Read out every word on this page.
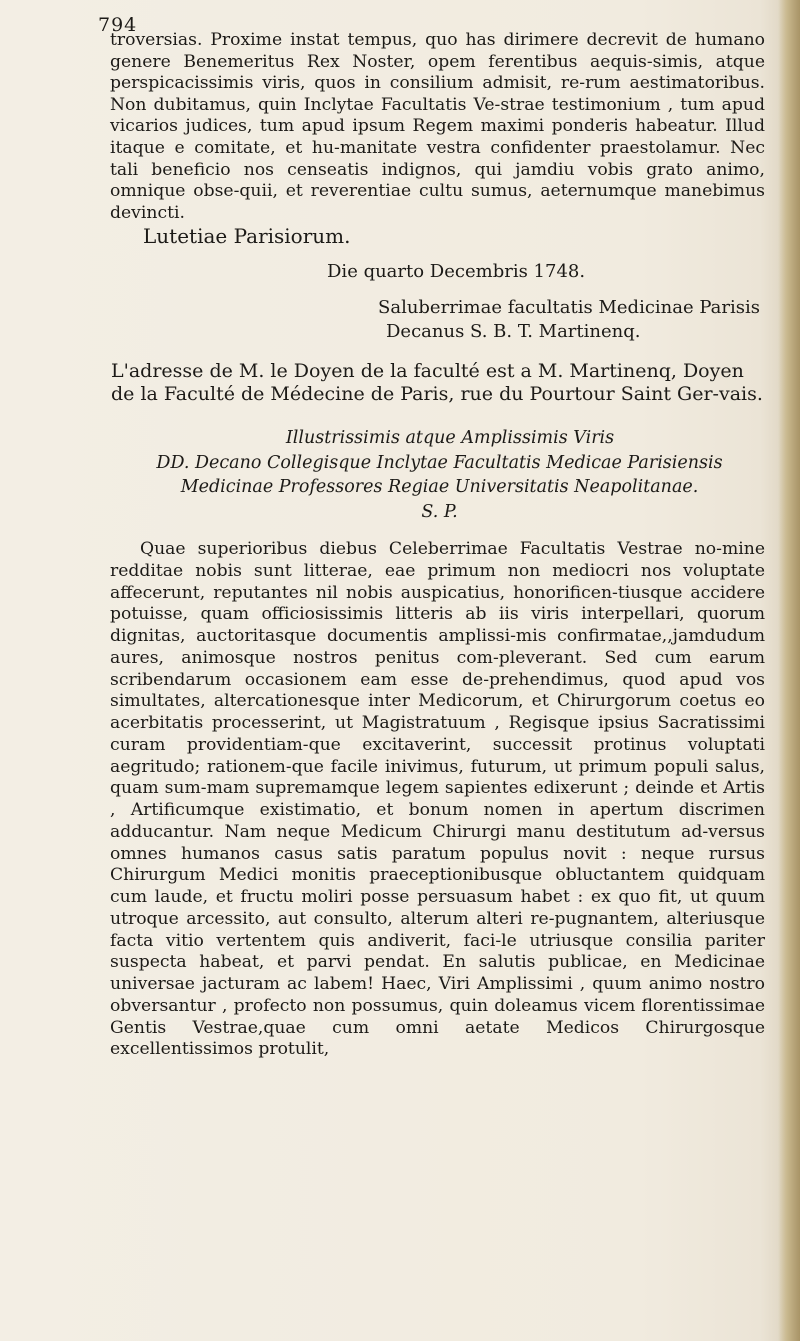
794

troversias. Proxime instat tempus, quo has dirimere decrevit de humano genere Benemeritus Rex Noster, opem ferentibus aequis-simis, atque perspicacissimis viris, quos in consilium admisit, re-rum aestimatoribus. Non dubitamus, quin Inclytae Facultatis Ve-strae testimonium , tum apud vicarios judices, tum apud ipsum Regem maximi ponderis habeatur. Illud itaque e comitate, et hu-manitate vestra confidenter praestolamur. Nec tali beneficio nos censeatis indignos, qui jamdiu vobis grato animo, omnique obse-quii, et reverentiae cultu sumus, aeternumque manebimus devincti.

Lutetiae Parisiorum.
Die quarto Decembris 1748.
Saluberrimae facultatis Medicinae Parisis
Decanus S. B. T. Martinenq.
L'adresse de M. le Doyen de la faculté est a M. Martinenq, Doyen de la Faculté de Médecine de Paris, rue du Pourtour Saint Ger-vais.
Illustrissimis atque Amplissimis Viris
DD. Decano Collegisque Inclytae Facultatis Medicae Parisiensis
Medicinae Professores Regiae Universitatis Neapolitanae.
S. P.

Quae superioribus diebus Celeberrimae Facultatis Vestrae no-mine redditae nobis sunt litterae, eae primum non mediocri nos voluptate affecerunt, reputantes nil nobis auspicatius, honorificen-tiusque accidere potuisse, quam officiosissimis litteris ab iis viris interpellari, quorum dignitas, auctoritasque documentis amplissi-mis confirmatae,,jamdudum aures, animosque nostros penitus com-pleverant. Sed cum earum scribendarum occasionem eam esse de-prehendimus, quod apud vos simultates, altercationesque inter Medicorum, et Chirurgorum coetus eo acerbitatis processerint, ut Magistratuum , Regisque ipsius Sacratissimi curam providentiam-que excitaverint, successit protinus voluptati aegritudo; rationem-que facile inivimus, futurum, ut primum populi salus, quam sum-mam supremamque legem sapientes edixerunt ; deinde et Artis , Artificumque existimatio, et bonum nomen in apertum discrimen adducantur. Nam neque Medicum Chirurgi manu destitutum ad-versus omnes humanos casus satis paratum populus novit : neque rursus Chirurgum Medici monitis praeceptionibusque obluctantem quidquam cum laude, et fructu moliri posse persuasum habet : ex quo fit, ut quum utroque arcessito, aut consulto, alterum alteri re-pugnantem, alteriusque facta vitio vertentem quis andiverit, faci-le utriusque consilia pariter suspecta habeat, et parvi pendat. En salutis publicae, en Medicinae universae jacturam ac labem! Haec, Viri Amplissimi , quum animo nostro obversantur , profecto non possumus, quin doleamus vicem florentissimae Gentis Vestrae,quae cum omni aetate Medicos Chirurgosque excellentissimos protulit,
